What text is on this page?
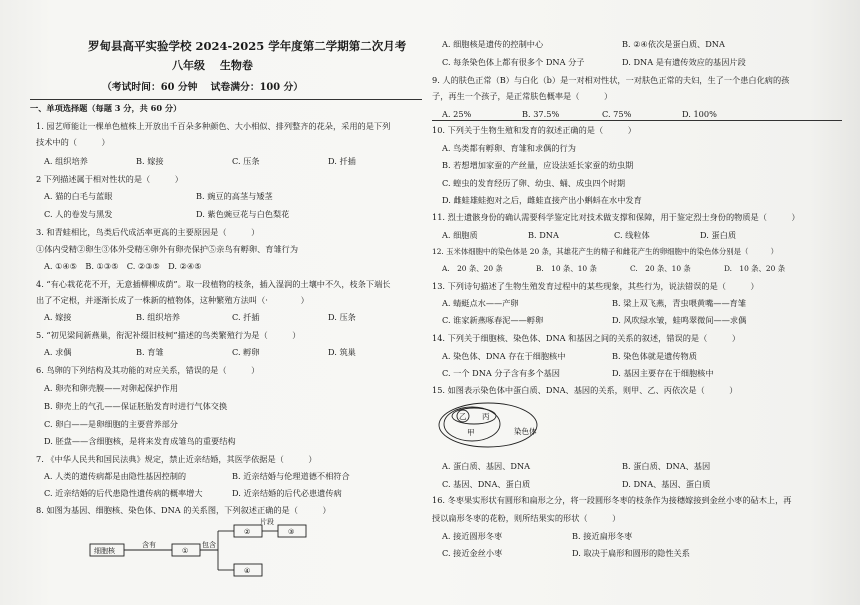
罗甸县高平实验学校 2024-2025 学年度第二学期第二次月考
八年级　 生物卷
（考试时间：60 分钟　 试卷满分：100 分）
一、单项选择题（每题 3 分，共 60 分）
1. 园艺师能让一棵单色植株上开放出千百朵多种颜色、大小相似、排列整齐的花朵，采用的是下列
技术中的（　　　）
A. 组织培养	B. 嫁接	C. 压条	D. 扦插
2 下列描述属于相对性状的是（　　　）
A. 猫的白毛与蓝眼	B. 豌豆的高茎与矮茎
C. 人的卷发与黑发	D. 紫色豌豆花与白色梨花
3. 和青蛙相比，鸟类后代成活率更高的主要原因是（　　　）
①体内受精②卵生③体外受精④卵外有卵壳保护⑤亲鸟有孵卵、育雏行为
A. ①④⑤　B. ①③⑤　C. ②③⑤　D. ②④⑤
4. “有心栽花花不开，无意插柳柳成荫”。取一段植物的枝条，插入湿润的土壤中不久，枝条下端长
出了不定根，并逐渐长成了一株新的植物体，这种繁殖方法叫（·　　　　）
A. 嫁接	B. 组织培养	C. 扦插	D. 压条
5. “初见梁间新燕巢，衔泥补缀旧枝柯”描述的鸟类繁殖行为是（　　　）
A. 求偶	B. 育雏	C. 孵卵	D. 筑巢
6. 鸟卵的下列结构及其功能的对应关系，错误的是（　　　）
A. 卵壳和卵壳膜——对卵起保护作用
B. 卵壳上的气孔——保证胚胎发育时进行气体交换
C. 卵白——是卵细胞的主要营养部分
D. 胚盘——含细胞核，是将来发育成雏鸟的重要结构
7. 《中华人民共和国民法典》规定，禁止近亲结婚，其医学依据是（　　　）
A. 人类的遗传病都是由隐性基因控制的	B. 近亲结婚与伦理道德不相符合
C. 近亲结婚的后代患隐性遗传病的概率增大	D. 近亲结婚的后代必患遗传病
8. 如图为基因、细胞核、染色体、DNA 的关系图，下列叙述正确的是（　　　）
细胞核
含有
①
包含
②
片段
③
④
A. 细胞核是遗传的控制中心	B. ②④依次是蛋白质、DNA
C. 每条染色体上都有很多个 DNA 分子	D. DNA 是有遗传效应的基因片段
9. 人的肤色正常（B）与白化（b）是一对相对性状，一对肤色正常的夫妇，生了一个患白化病的孩
子，再生一个孩子，是正常肤色概率是（　　　）
A. 25%	B. 37.5%	C. 75%	D. 100%
10. 下列关于生物生殖和发育的叙述正确的是（　　　）
A. 鸟类都有孵卵、育雏和求偶的行为
B. 若想增加家蚕的产丝量，应设法延长家蚕的幼虫期
C. 蝗虫的发育经历了卵、幼虫、蛹、成虫四个时期
D. 雌蛙雄蛙抱对之后，雌蛙直接产出小蝌蚪在水中发育
11. 烈士遗骸身份的确认需要科学鉴定比对技术做支撑和保障，用于鉴定烈士身份的物质是（　　　）
A. 细胞质	B. DNA	C. 线粒体	D. 蛋白质
12. 玉米体细胞中的染色体是 20 条，其雄花产生的精子和雌花产生的卵细胞中的染色体分别是（　　　）
A.　20 条、20 条	B.　10 条、10 条	C.　20 条、10 条	D.　10 条、20 条
13. 下列诗句描述了生物生殖发育过程中的某些现象，其些行为，说法错误的是（　　　）
A. 蜻蜓点水——产卵	B. 梁上双飞燕，青虫喂黄嘴——育雏
C. 谁家新燕啄春泥——孵卵	D. 风吹绿水皱，蛙鸣翠微间——求偶
14. 下列关于细胞核、染色体、DNA 和基因之间的关系的叙述，错误的是（　　　）
A. 染色体、DNA 存在于细胞核中	B. 染色体就是遗传物质
C. 一个 DNA 分子含有多个基因	D. 基因主要存在于细胞核中
15. 如图表示染色体中蛋白质、DNA、基因的关系，则甲、乙、丙依次是（　　　）
乙 丙
甲	染色体
A. 蛋白质、基因、DNA	B. 蛋白质、DNA、基因
C. 基因、DNA、蛋白质	D. DNA、基因、蛋白质
16. 冬枣果实形状有圆形和扁形之分，将一段圆形冬枣的枝条作为接穗嫁接到金丝小枣的砧木上，再
授以扁形冬枣的花粉，则所结果实的形状（　　　）
A. 接近圆形冬枣	B. 接近扁形冬枣
C. 接近金丝小枣	D. 取决于扁形和圆形的隐性关系
